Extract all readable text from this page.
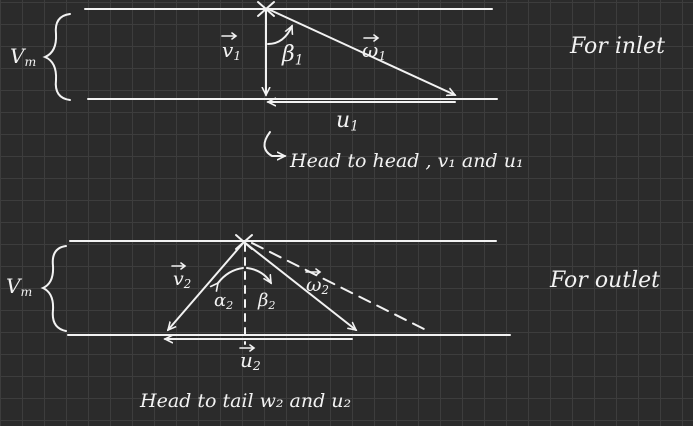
$V_m$	$v_1$ $\beta_1$	$\omega_1$
$u_1$
For inlet
Head to head , v₁ and u₁
$V_m$
$v_2$
$\alpha_2$ $\beta_2$
$\omega_2$
$u_2$
For outlet
Head to tail w₂ and u₂
